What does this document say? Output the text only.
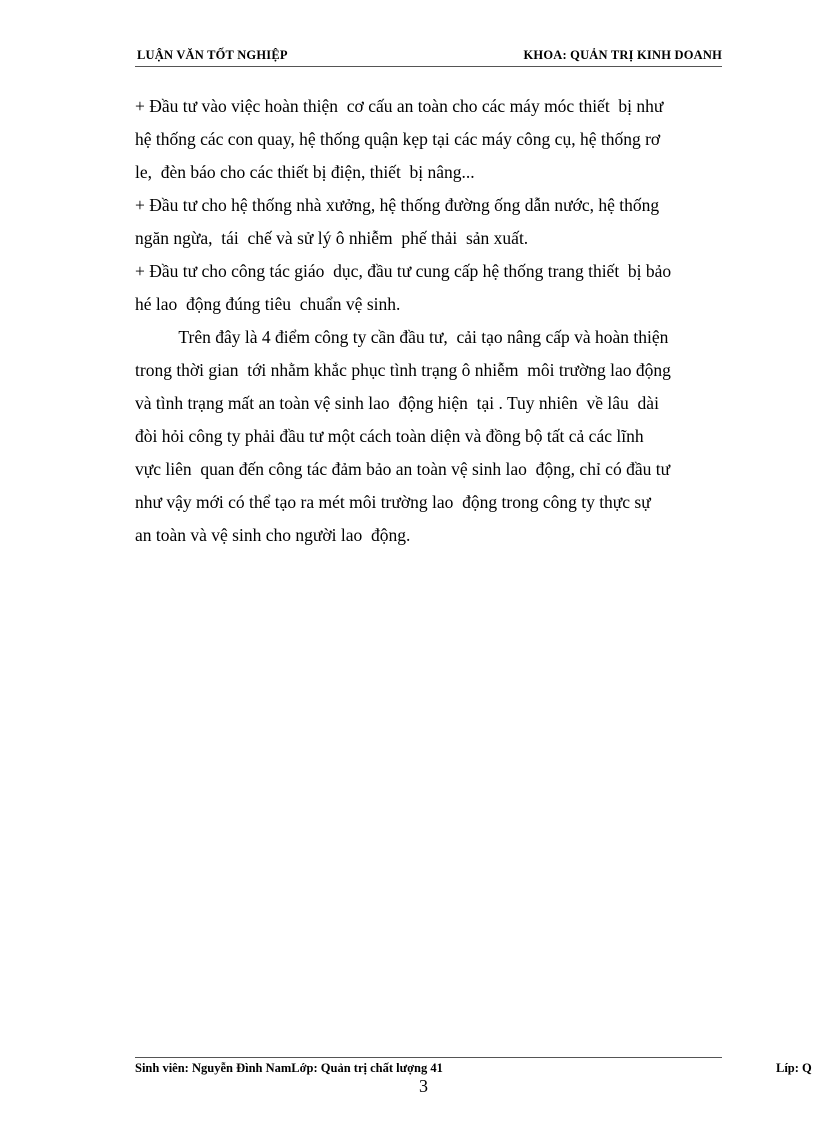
LUẬN VĂN TỐT NGHIỆP	KHOA: QUẢN TRỊ KINH DOANH
+ Đầu tư vào việc hoàn thiện  cơ cấu an toàn cho các máy móc thiết  bị như
hệ thống các con quay, hệ thống quận kẹp tại các máy công cụ, hệ thống rơ
le,  đèn báo cho các thiết bị điện, thiết  bị nâng...
+ Đầu tư cho hệ thống nhà xưởng, hệ thống đường ống dẫn nước, hệ thống
ngăn ngừa,  tái  chế và sử lý ô nhiễm  phế thải  sản xuất.
+ Đầu tư cho công tác giáo  dục, đầu tư cung cấp hệ thống trang thiết  bị bảo
hé lao  động đúng tiêu  chuẩn vệ sinh.
Trên đây là 4 điểm công ty cần đầu tư,  cải tạo nâng cấp và hoàn thiện
trong thời gian  tới nhằm khắc phục tình trạng ô nhiễm  môi trường lao động
và tình trạng mất an toàn vệ sinh lao  động hiện  tại . Tuy nhiên  về lâu  dài
đòi hỏi công ty phải đầu tư một cách toàn diện và đồng bộ tất cả các lĩnh
vực liên  quan đến công tác đảm bảo an toàn vệ sinh lao  động, chỉ có đầu tư
như vậy mới có thể tạo ra mét môi trường lao  động trong công ty thực sự
an toàn và vệ sinh cho người lao  động.
Sinh viên: Nguyễn Đình NamLớp: Quản trị chất lượng 41	Líp: Q
3
